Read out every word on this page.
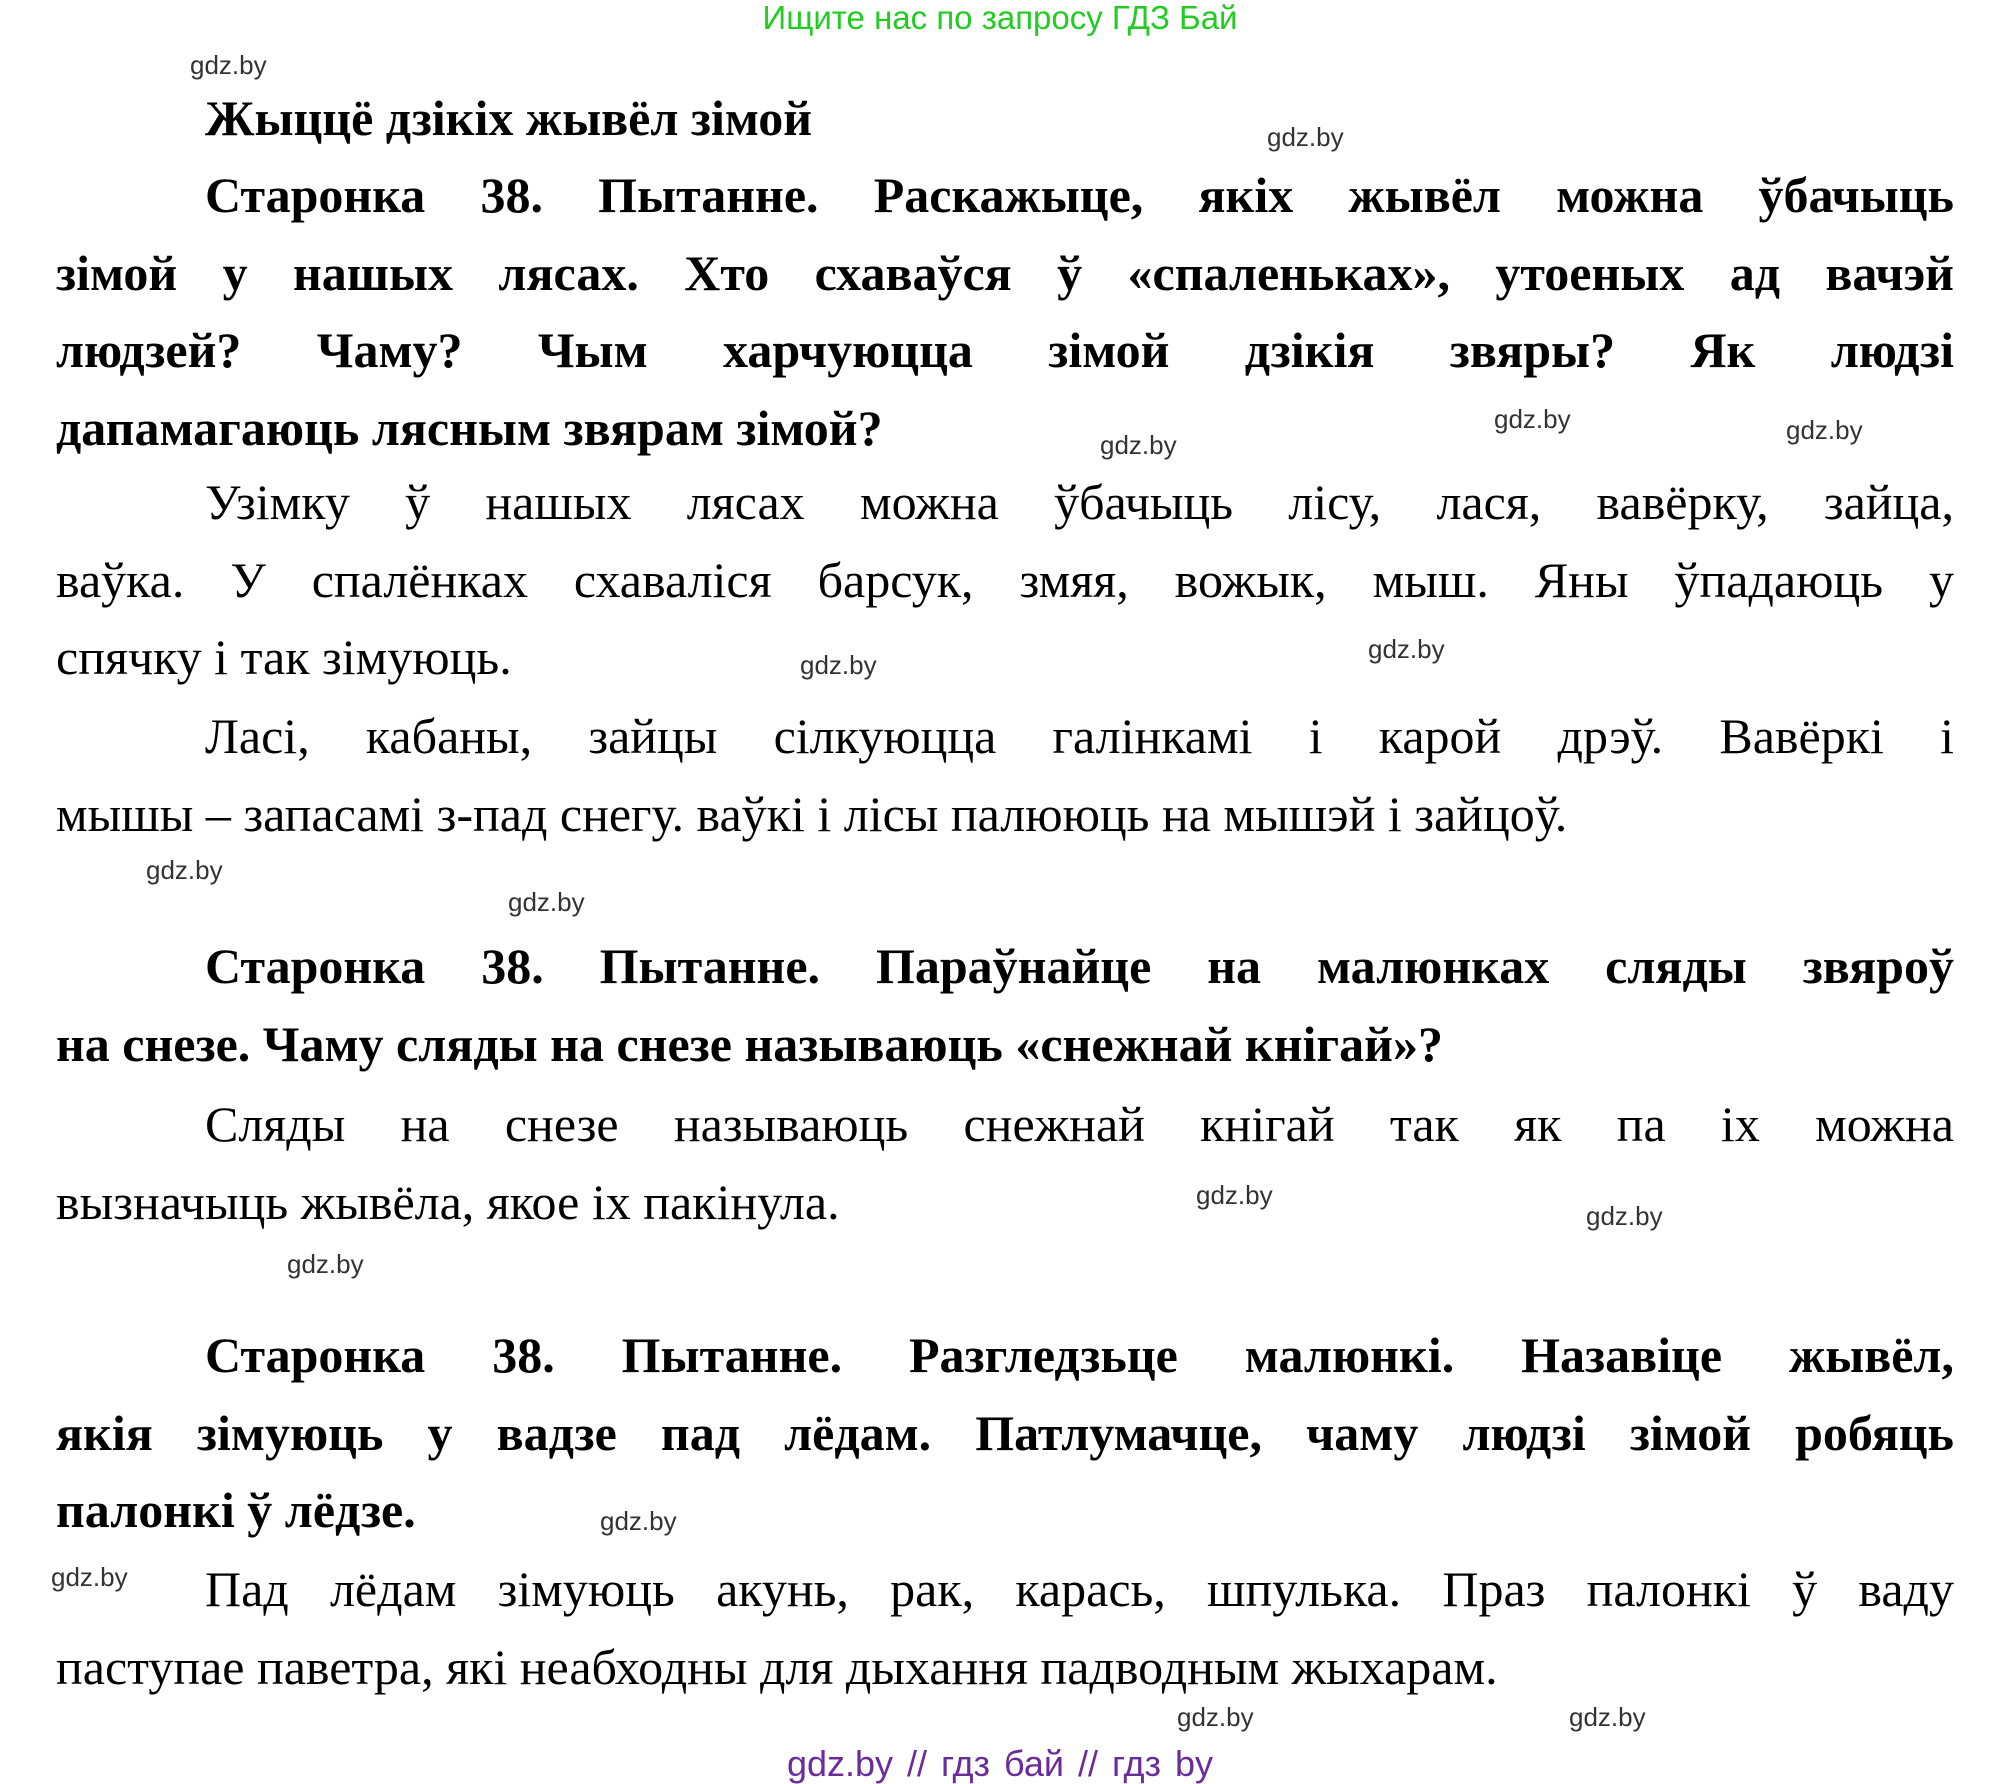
Ищите нас по запросу ГДЗ Бай
Жыццё дзікіх жывёл зімой
Старонка 38. Пытанне. Раскажыце, якіх жывёл можна ўбачыць
зімой у нашых лясах. Хто схаваўся ў «спаленьках», утоеных ад вачэй
людзей? Чаму? Чым харчуюцца зімой дзікія звяры? Як людзі
дапамагаюць лясным звярам зімой?
Узімку ў нашых лясах можна ўбачыць лісу, лася, вавёрку, зайца,
ваўка. У спалёнках схаваліся барсук, змяя, вожык, мыш. Яны ўпадаюць у
спячку і так зімуюць.
Ласі, кабаны, зайцы сілкуюцца галінкамі і карой дрэў. Вавёркі і
мышы – запасамі з-пад снегу. ваўкі і лісы палююць на мышэй і зайцоў.
Старонка 38. Пытанне. Параўнайце на малюнках сляды звяроў
на снезе. Чаму сляды на снезе называюць «снежнай кнігай»?
Сляды на снезе называюць снежнай кнігай так як па іх можна
вызначыць жывёла, якое іх пакінула.
Старонка 38. Пытанне. Разгледзьце малюнкі. Назавіце жывёл,
якія зімуюць у вадзе пад лёдам. Патлумачце, чаму людзі зімой робяць
палонкі ў лёдзе.
Пад лёдам зімуюць акунь, рак, карась, шпулька. Праз палонкі ў ваду
паступае паветра, які неабходны для дыхання падводным жыхарам.
gdz.by
gdz.by
gdz.by
gdz.by
gdz.by
gdz.by
gdz.by
gdz.by
gdz.by
gdz.by
gdz.by
gdz.by
gdz.by
gdz.by
gdz.by
gdz.by
gdz.by // гдз бай // гдз by
